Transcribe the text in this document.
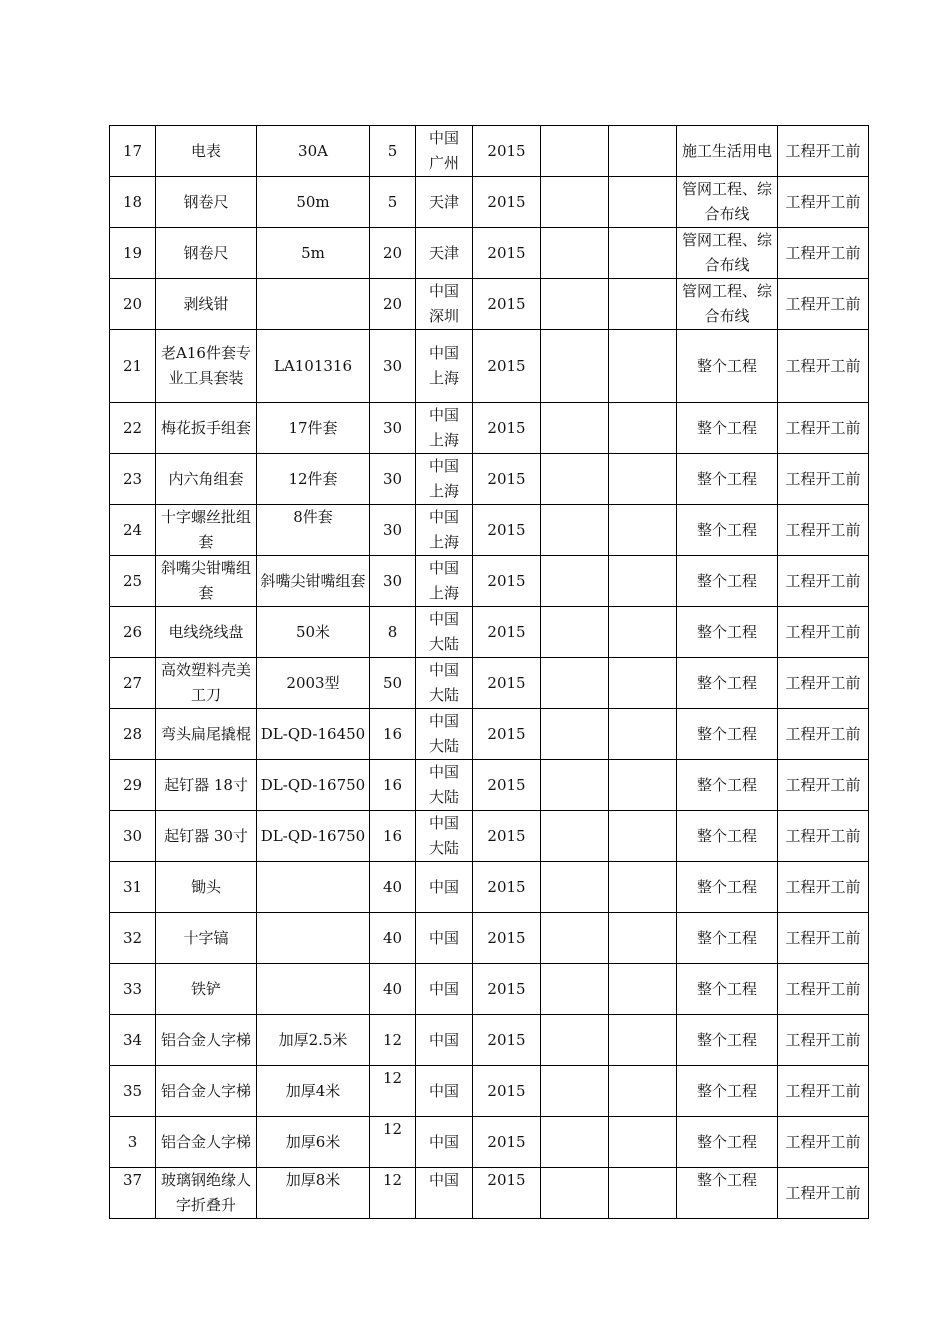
17	电表	30A	5	中国广州	2015			施工生活用电	工程开工前
18	钢卷尺	50m	5	天津	2015			管网工程、综合布线	工程开工前
19	钢卷尺	5m	20	天津	2015			管网工程、综合布线	工程开工前
20	剥线钳		20	中国深圳	2015			管网工程、综合布线	工程开工前
21	老A16件套专业工具套装	LA101316	30	中国上海	2015			整个工程	工程开工前
22	梅花扳手组套	17件套	30	中国上海	2015			整个工程	工程开工前
23	内六角组套	12件套	30	中国上海	2015			整个工程	工程开工前
24	十字螺丝批组套	8件套	30	中国上海	2015			整个工程	工程开工前
25	斜嘴尖钳嘴组套	斜嘴尖钳嘴组套	30	中国上海	2015			整个工程	工程开工前
26	电线绕线盘	50米	8	中国大陆	2015			整个工程	工程开工前
27	高效塑料壳美工刀	2003型	50	中国大陆	2015			整个工程	工程开工前
28	弯头扁尾撬棍	DL-QD-16450	16	中国大陆	2015			整个工程	工程开工前
29	起钉器 18寸	DL-QD-16750	16	中国大陆	2015			整个工程	工程开工前
30	起钉器 30寸	DL-QD-16750	16	中国大陆	2015			整个工程	工程开工前
31	锄头		40	中国	2015			整个工程	工程开工前
32	十字镐		40	中国	2015			整个工程	工程开工前
33	铁铲		40	中国	2015			整个工程	工程开工前
34	铝合金人字梯	加厚2.5米	12	中国	2015			整个工程	工程开工前
35	铝合金人字梯	加厚4米	12	中国	2015			整个工程	工程开工前
3	铝合金人字梯	加厚6米	12	中国	2015			整个工程	工程开工前
37	玻璃钢绝缘人字折叠升	加厚8米	12	中国	2015			整个工程	工程开工前
